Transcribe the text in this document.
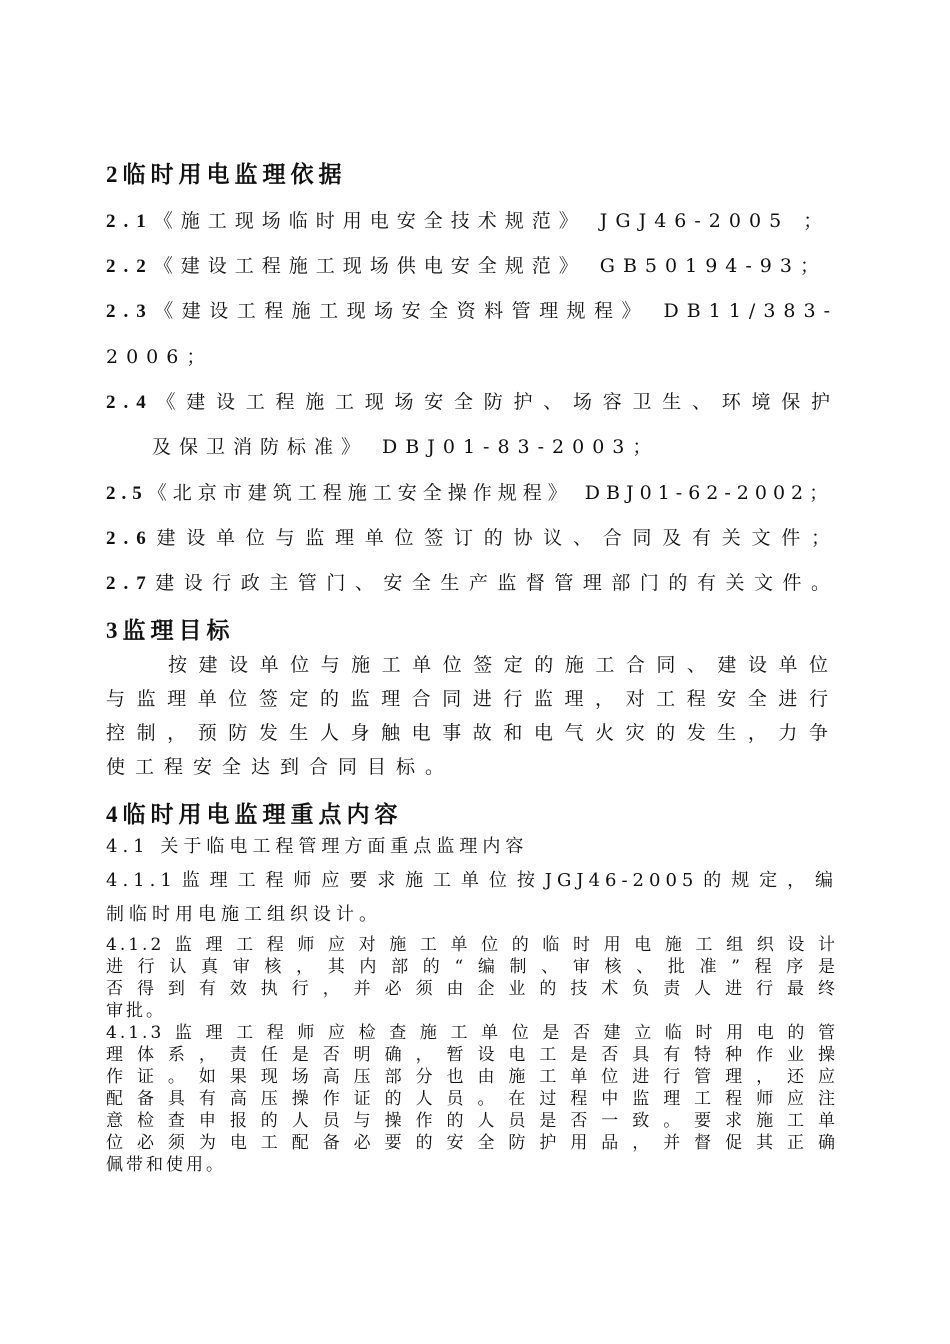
2临时用电监理依据
2.1《施工现场临时用电安全技术规范》 JGJ46-2005 ；
2.2《建设工程施工现场供电安全规范》 GB50194-93；
2.3《建设工程施工现场安全资料管理规程》 DB11/383-
2006；
2.4《建设工程施工现场安全防护、场容卫生、环境保护
及保卫消防标准》 DBJ01-83-2003；
2.5《北京市建筑工程施工安全操作规程》 DBJ01-62-2002；
2.6建设单位与监理单位签订的协议、合同及有关文件；
2.7建设行政主管门、安全生产监督管理部门的有关文件。
3监理目标
按建设单位与施工单位签定的施工合同、建设单位
与监理单位签定的监理合同进行监理，对工程安全进行
控制，预防发生人身触电事故和电气火灾的发生，力争
使工程安全达到合同目标。
4临时用电监理重点内容
4.1 关于临电工程管理方面重点监理内容
4.1.1监理工程师应要求施工单位按JGJ46-2005的规定，编
制临时用电施工组织设计。
4.1.2监理工程师应对施工单位的临时用电施工组织设计
进行认真审核，其内部的“编制、审核、批准”程序是
否得到有效执行，并必须由企业的技术负责人进行最终
审批。
4.1.3监理工程师应检查施工单位是否建立临时用电的管
理体系，责任是否明确，暂设电工是否具有特种作业操
作证。如果现场高压部分也由施工单位进行管理，还应
配备具有高压操作证的人员。在过程中监理工程师应注
意检查申报的人员与操作的人员是否一致。要求施工单
位必须为电工配备必要的安全防护用品，并督促其正确
佩带和使用。
